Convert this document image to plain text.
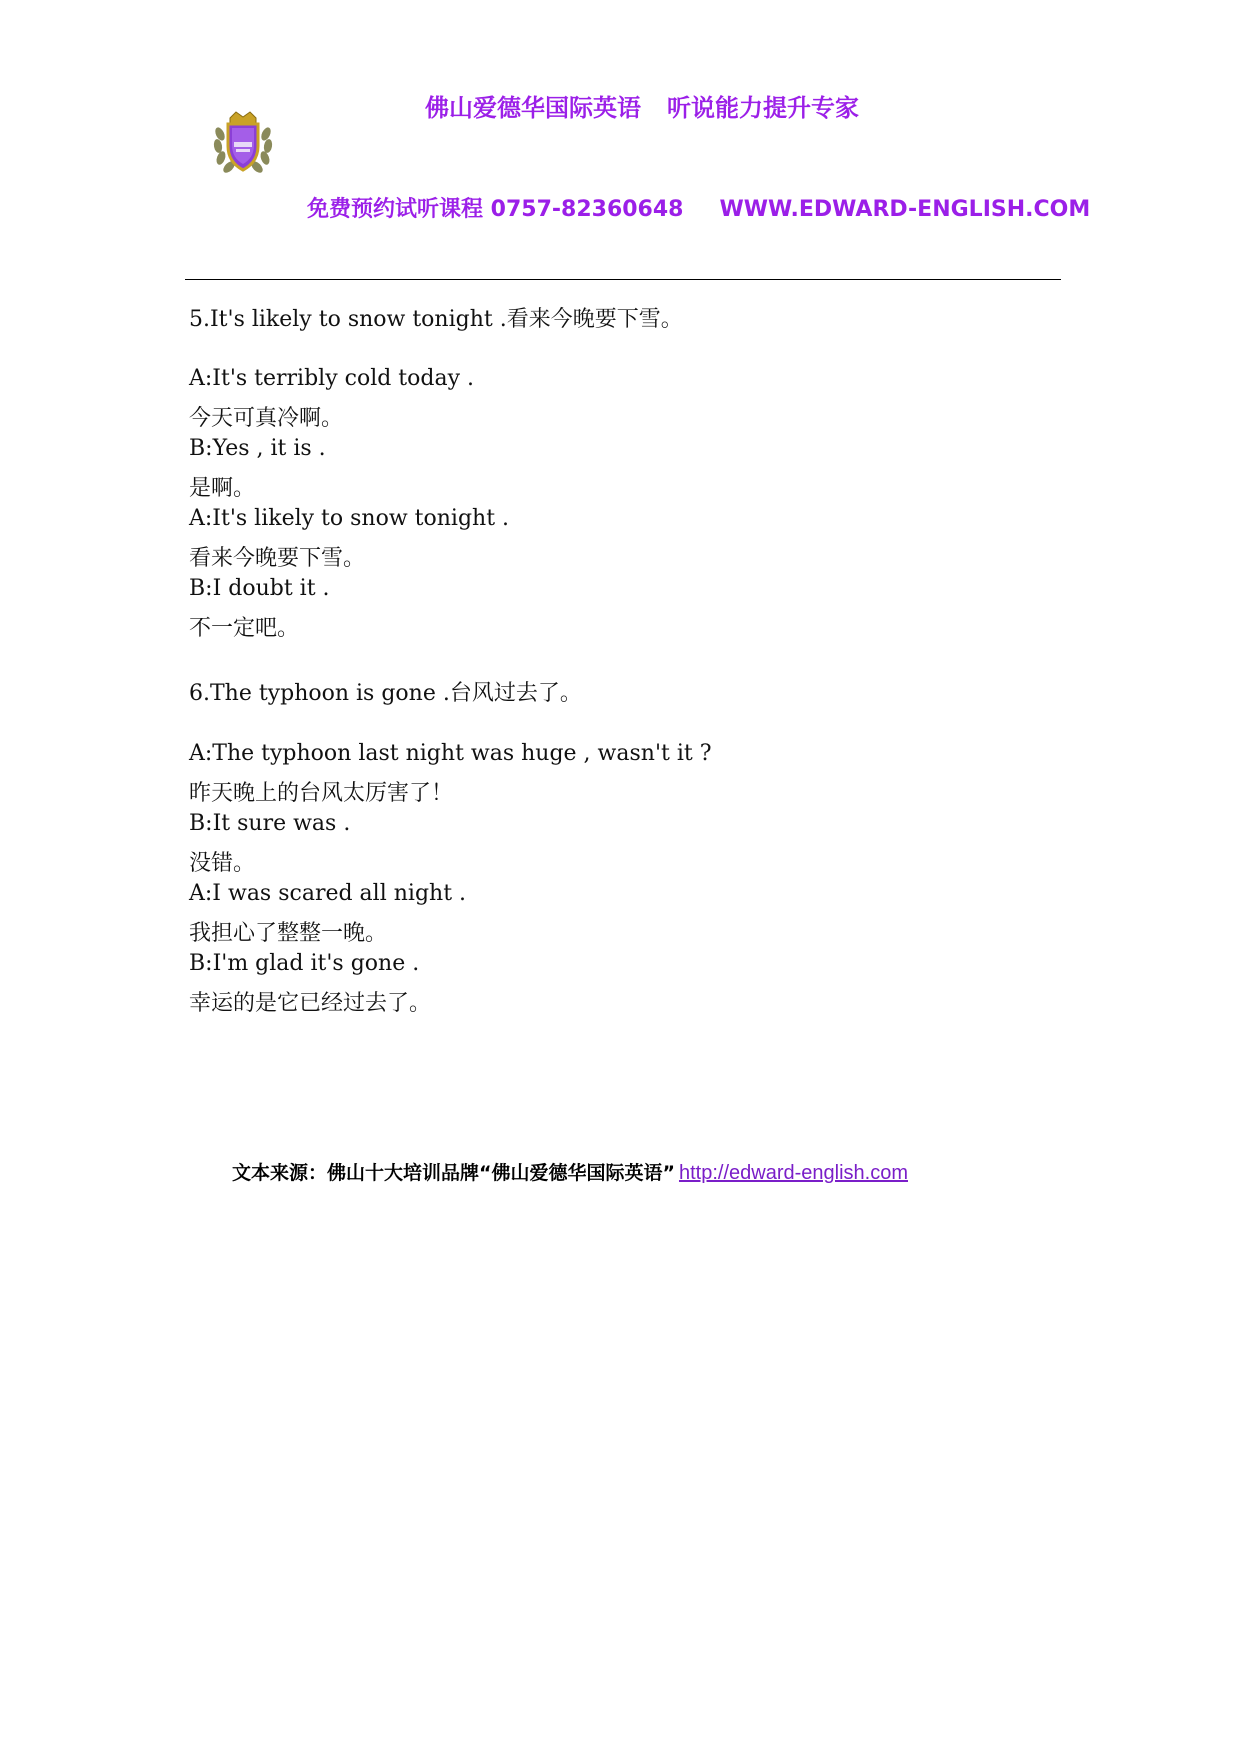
佛山爱德华国际英语 听说能力提升专家
免费预约试听课程 0757-82360648 WWW.EDWARD-ENGLISH.COM
5.It's likely to snow tonight .看来今晚要下雪。
A:It's terribly cold today .
今天可真冷啊。
B:Yes , it is .
是啊。
A:It's likely to snow tonight .
看来今晚要下雪。
B:I doubt it .
不一定吧。
6.The typhoon is gone .台风过去了。
A:The typhoon last night was huge , wasn't it ?
昨天晚上的台风太厉害了！
B:It sure was .
没错。
A:I was scared all night .
我担心了整整一晚。
B:I'm glad it's gone .
幸运的是它已经过去了。
文本来源：佛山十大培训品牌“佛山爱德华国际英语” http://edward-english.com
